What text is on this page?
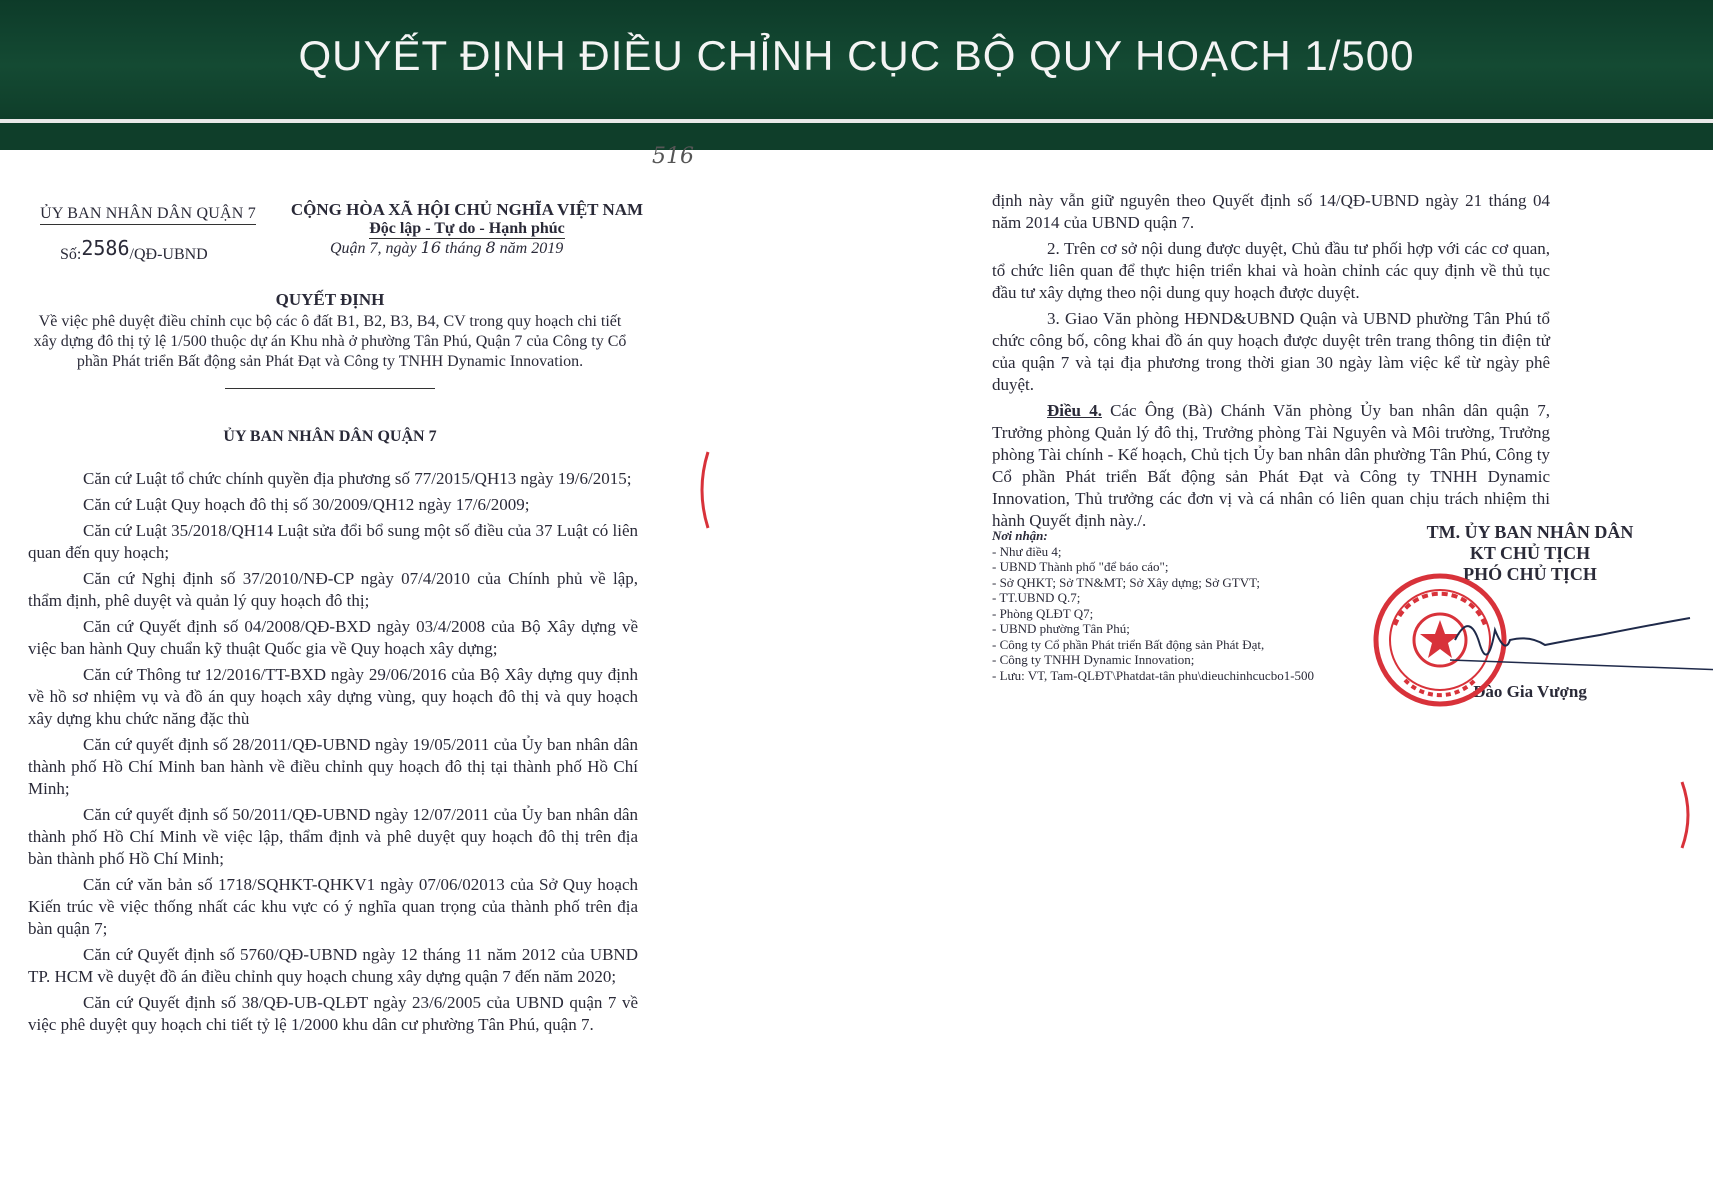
QUYẾT ĐỊNH ĐIỀU CHỈNH CỤC BỘ QUY HOẠCH 1/500
516
ỦY BAN NHÂN DÂN QUẬN 7
Số:2586/QĐ-UBND
CỘNG HÒA XÃ HỘI CHỦ NGHĨA VIỆT NAM
Độc lập - Tự do - Hạnh phúc
Quận 7, ngày 16 tháng 8 năm 2019
QUYẾT ĐỊNH
Về việc phê duyệt điều chỉnh cục bộ các ô đất B1, B2, B3, B4, CV trong quy hoạch chi tiết xây dựng đô thị tỷ lệ 1/500 thuộc dự án Khu nhà ở phường Tân Phú, Quận 7 của Công ty Cổ phần Phát triển Bất động sản Phát Đạt và Công ty TNHH Dynamic Innovation.
ỦY BAN NHÂN DÂN QUẬN 7

Căn cứ Luật tổ chức chính quyền địa phương số 77/2015/QH13 ngày 19/6/2015;

Căn cứ Luật Quy hoạch đô thị số 30/2009/QH12 ngày 17/6/2009;

Căn cứ Luật 35/2018/QH14 Luật sửa đổi bổ sung một số điều của 37 Luật có liên quan đến quy hoạch;

Căn cứ Nghị định số 37/2010/NĐ-CP ngày 07/4/2010 của Chính phủ về lập, thẩm định, phê duyệt và quản lý quy hoạch đô thị;

Căn cứ Quyết định số 04/2008/QĐ-BXD ngày 03/4/2008 của Bộ Xây dựng về việc ban hành Quy chuẩn kỹ thuật Quốc gia về Quy hoạch xây dựng;

Căn cứ Thông tư 12/2016/TT-BXD ngày 29/06/2016 của Bộ Xây dựng quy định về hồ sơ nhiệm vụ và đồ án quy hoạch xây dựng vùng, quy hoạch đô thị và quy hoạch xây dựng khu chức năng đặc thù

Căn cứ quyết định số 28/2011/QĐ-UBND ngày 19/05/2011 của Ủy ban nhân dân thành phố Hồ Chí Minh ban hành về điều chỉnh quy hoạch đô thị tại thành phố Hồ Chí Minh;

Căn cứ quyết định số 50/2011/QĐ-UBND ngày 12/07/2011 của Ủy ban nhân dân thành phố Hồ Chí Minh về việc lập, thẩm định và phê duyệt quy hoạch đô thị trên địa bàn thành phố Hồ Chí Minh;

Căn cứ văn bản số 1718/SQHKT-QHKV1 ngày 07/06/02013 của Sở Quy hoạch Kiến trúc về việc thống nhất các khu vực có ý nghĩa quan trọng của thành phố trên địa bàn quận 7;

Căn cứ Quyết định số 5760/QĐ-UBND ngày 12 tháng 11 năm 2012 của UBND TP. HCM về duyệt đồ án điều chỉnh quy hoạch chung xây dựng quận 7 đến năm 2020;

Căn cứ Quyết định số 38/QĐ-UB-QLĐT ngày 23/6/2005 của UBND quận 7 về việc phê duyệt quy hoạch chi tiết tỷ lệ 1/2000 khu dân cư phường Tân Phú, quận 7.

định này vẫn giữ nguyên theo Quyết định số 14/QĐ-UBND ngày 21 tháng 04 năm 2014 của UBND quận 7.

2. Trên cơ sở nội dung được duyệt, Chủ đầu tư phối hợp với các cơ quan, tổ chức liên quan để thực hiện triển khai và hoàn chỉnh các quy định về thủ tục đầu tư xây dựng theo nội dung quy hoạch được duyệt.

3. Giao Văn phòng HĐND&UBND Quận và UBND phường Tân Phú tổ chức công bố, công khai đồ án quy hoạch được duyệt trên trang thông tin điện tử của quận 7 và tại địa phương trong thời gian 30 ngày làm việc kể từ ngày phê duyệt.

Điều 4. Các Ông (Bà) Chánh Văn phòng Ủy ban nhân dân quận 7, Trưởng phòng Quản lý đô thị, Trưởng phòng Tài Nguyên và Môi trường, Trưởng phòng Tài chính - Kế hoạch, Chủ tịch Ủy ban nhân dân phường Tân Phú, Công ty Cổ phần Phát triển Bất động sản Phát Đạt và Công ty TNHH Dynamic Innovation, Thủ trưởng các đơn vị và cá nhân có liên quan chịu trách nhiệm thi hành Quyết định này./.

Nơi nhận:
- Như điều 4;
- UBND Thành phố "để báo cáo";
- Sở QHKT; Sở TN&MT; Sở Xây dựng; Sở GTVT;
- TT.UBND Q.7;
- Phòng QLĐT Q7;
- UBND phường Tân Phú;
- Công ty Cổ phần Phát triển Bất động sản Phát Đạt,
- Công ty TNHH Dynamic Innovation;
- Lưu: VT, Tam-QLĐT\Phatdat-tân phu\dieuchinhcucbo1-500
TM. ỦY BAN NHÂN DÂN
KT CHỦ TỊCH
PHÓ CHỦ TỊCH
Đào Gia Vượng
